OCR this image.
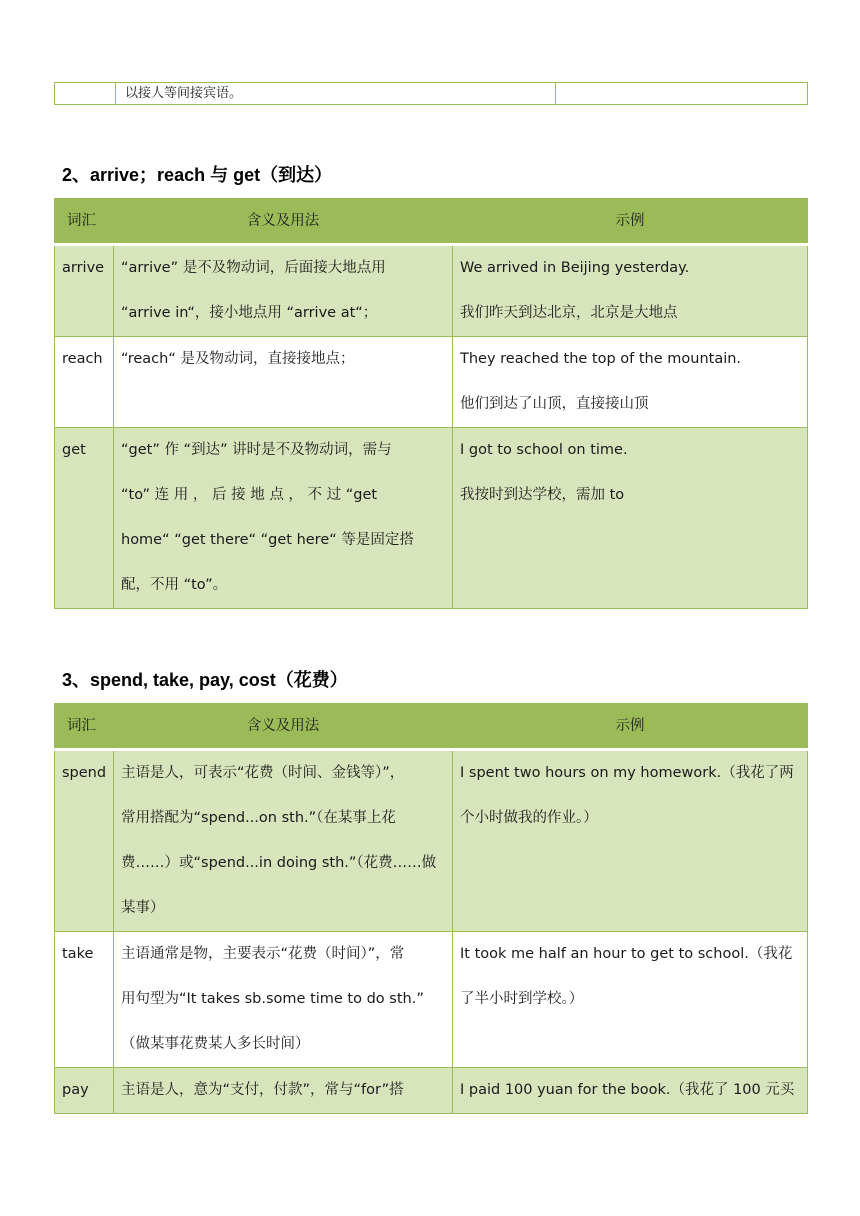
	以接人等间接宾语。	
2、arrive；reach 与 get（到达）
词汇	含义及用法	示例
arrive	“arrive” 是不及物动词，后面接大地点用
“arrive in“，接小地点用 “arrive at“；	We arrived in Beijing yesterday.
我们昨天到达北京，北京是大地点

reach	“reach“ 是及物动词，直接接地点；	They reached the top of the mountain.
他们到达了山顶，直接接山顶

get	“get” 作 “到达” 讲时是不及物动词，需与
“to” 连 用 ， 后 接 地 点 ， 不 过 “get
home“ “get there“ “get here“ 等是固定搭
配，不用 “to”。	I got to school on time.
我按时到达学校，需加 to
3、spend, take, pay, cost（花费）
词汇	含义及用法	示例
spend	主语是人，可表示“花费（时间、金钱等）”，
常用搭配为“spend...on sth.”（在某事上花
费……）或“spend...in doing sth.”（花费……做
某事）	I spent two hours on my homework.（我花了两
个小时做我的作业。）

take	主语通常是物，主要表示“花费（时间）”，常
用句型为“It takes sb.some time to do sth.”
（做某事花费某人多长时间）	It took me half an hour to get to school.（我花
了半小时到学校。）

pay	主语是人，意为“支付，付款”，常与“for”搭	I paid 100 yuan for the book.（我花了 100 元买
